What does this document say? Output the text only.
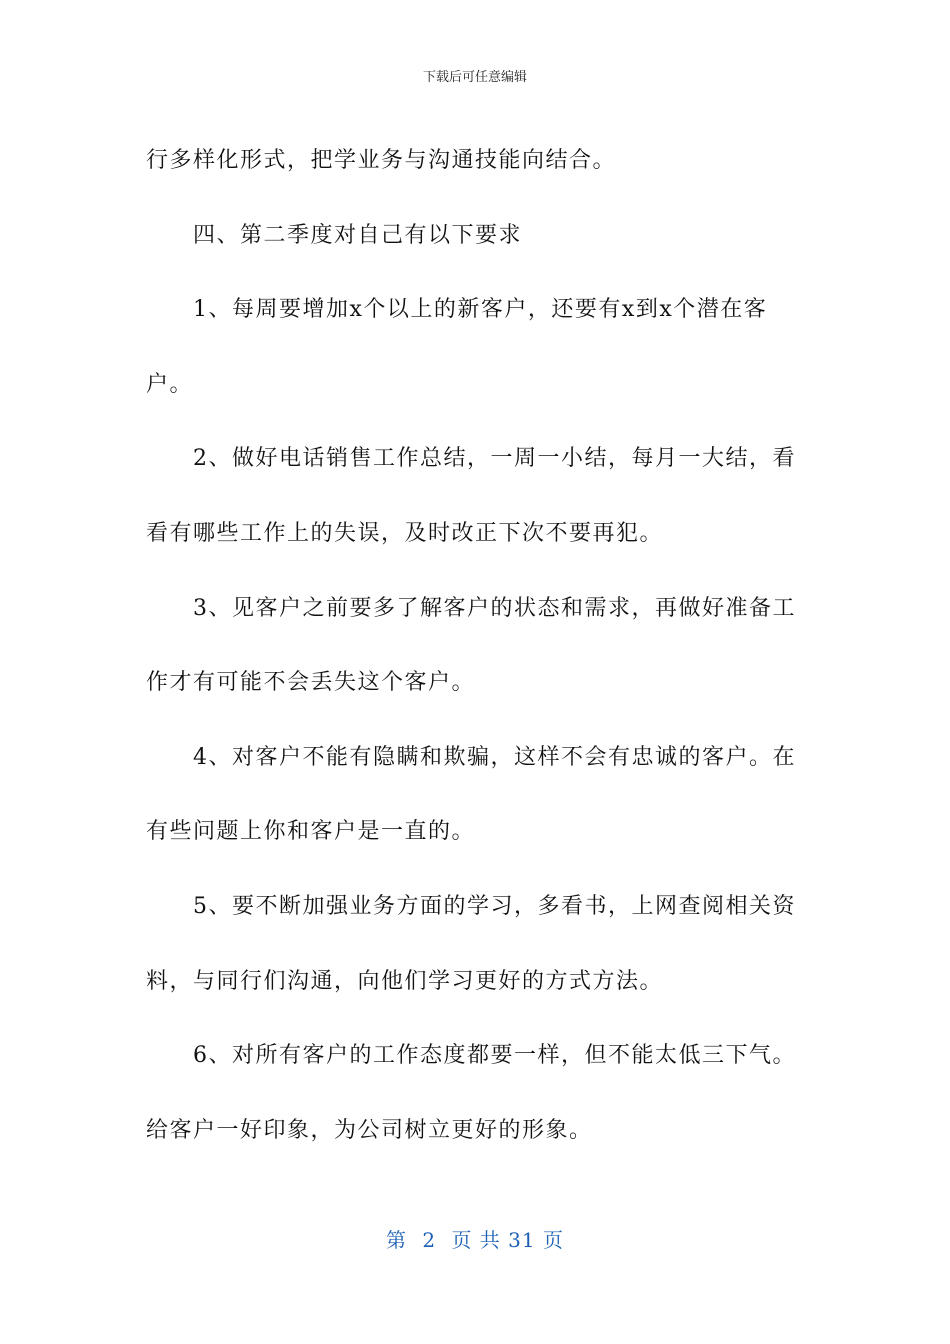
下载后可任意编辑

行多样化形式，把学业务与沟通技能向结合。

四、第二季度对自己有以下要求

1、每周要增加x个以上的新客户，还要有x到x个潜在客户。

2、做好电话销售工作总结，一周一小结，每月一大结，看看有哪些工作上的失误，及时改正下次不要再犯。

3、见客户之前要多了解客户的状态和需求，再做好准备工作才有可能不会丢失这个客户。

4、对客户不能有隐瞒和欺骗，这样不会有忠诚的客户。在有些问题上你和客户是一直的。

5、要不断加强业务方面的学习，多看书，上网查阅相关资料，与同行们沟通，向他们学习更好的方式方法。

6、对所有客户的工作态度都要一样，但不能太低三下气。给客户一好印象，为公司树立更好的形象。

第 2 页 共 31 页
